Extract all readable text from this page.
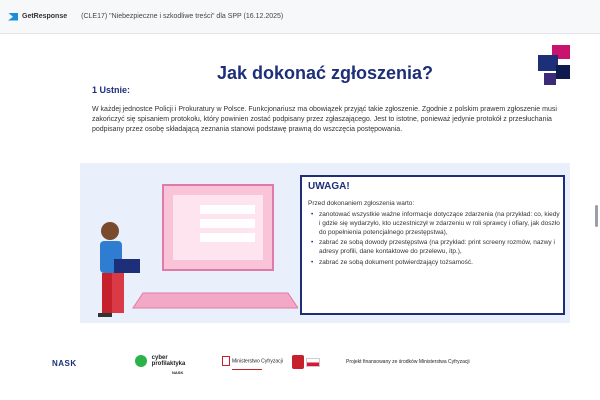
GetResponse (CLE17) "Niebezpieczne i szkodliwe treści" dla SPP (16.12.2025)
Jak dokonać zgłoszenia?
1 Ustnie:
W każdej jednostce Policji i Prokuratury w Polsce. Funkcjonariusz ma obowiązek przyjąć takie zgłoszenie. Zgodnie z polskim prawem zgłoszenie musi zakończyć się spisaniem protokołu, który powinien zostać podpisany przez zgłaszającego. Jest to istotne, ponieważ jedynie protokół z przesłuchania podpisany przez osobę składającą zeznania stanowi podstawę prawną do wszczęcia postępowania.
UWAGA!
Przed dokonaniem zgłoszenia warto:
• zanotować wszystkie ważne informacje dotyczące zdarzenia (na przykład: co, kiedy i gdzie się wydarzyło, kto uczestniczył w zdarzeniu w roli sprawcy i ofiary, jak doszło do popełnienia potencjalnego przestępstwa),
• zabrać ze sobą dowody przestępstwa (na przykład: print screeny rozmów, nazwy i adresy profili, dane kontaktowe do przelewu, itp.),
• zabrać ze sobą dokument potwierdzający tożsamość.
NASK
cyber
profilaktyka
NASK
Ministerstwo Cyfryzacji	Projekt finansowany ze środków Ministerstwa Cyfryzacji
